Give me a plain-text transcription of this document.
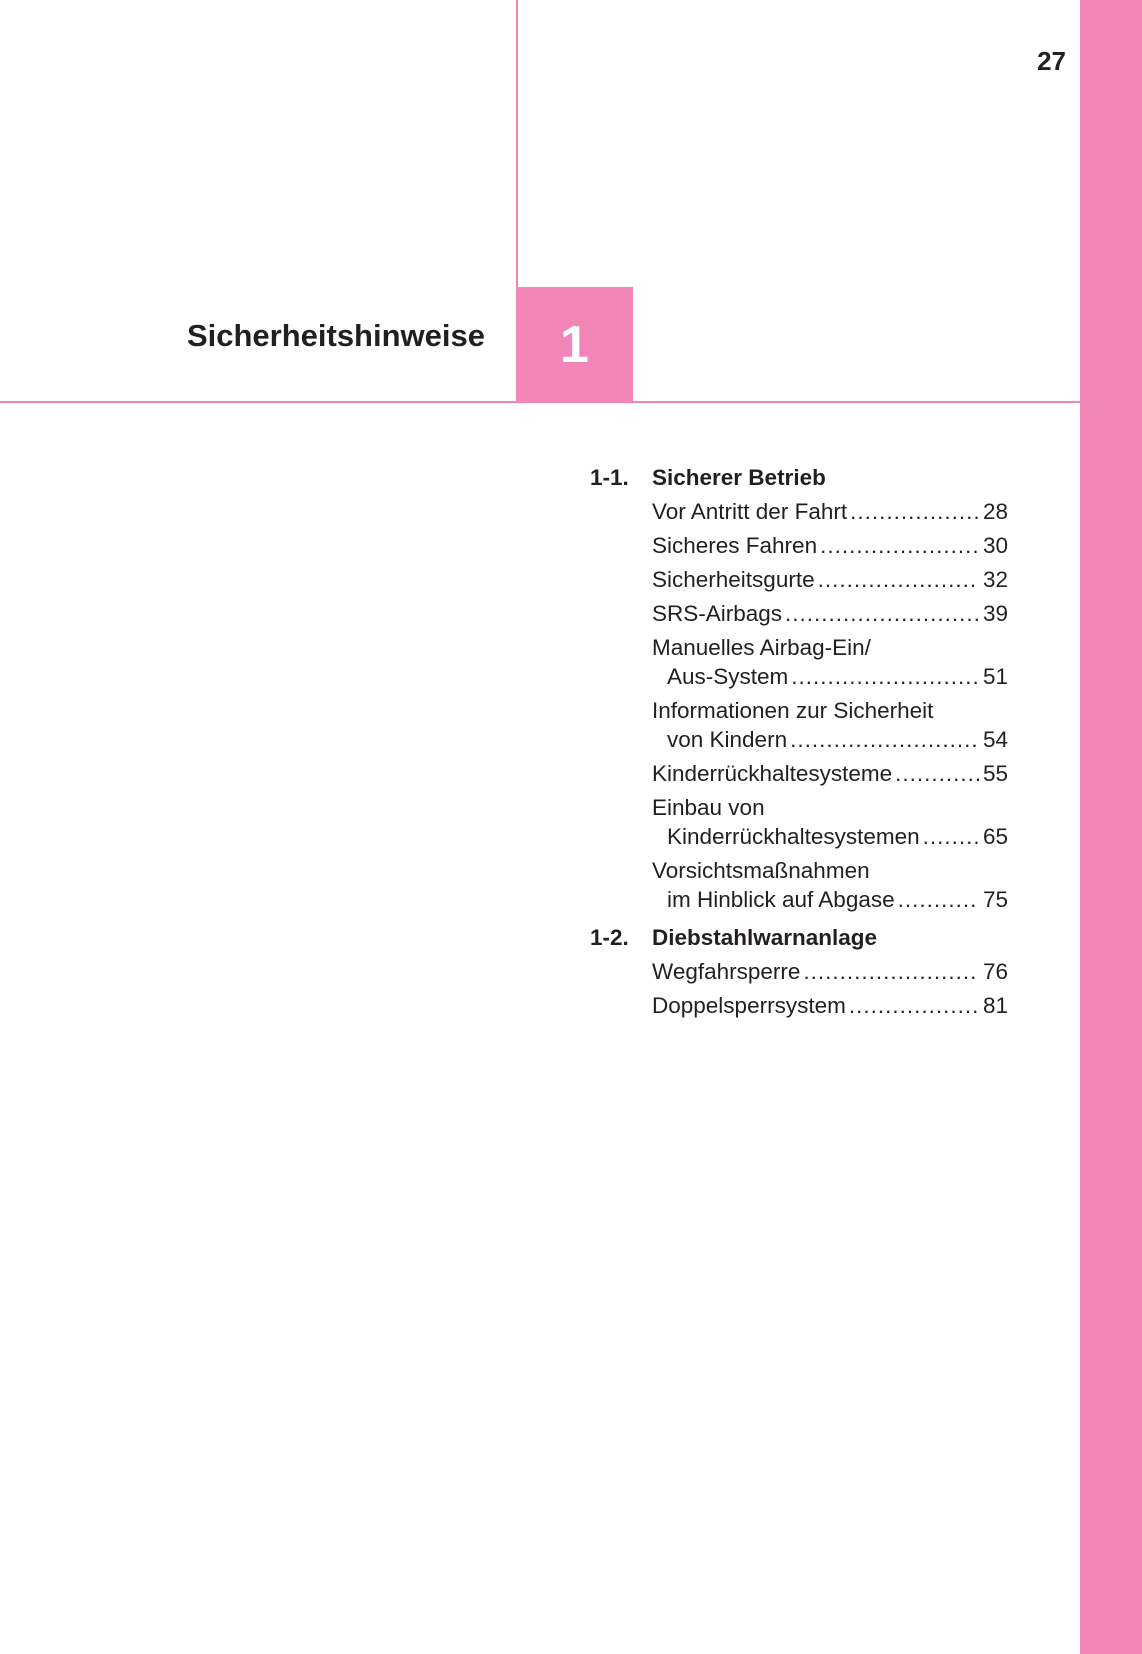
27
Sicherheitshinweise 1
1-1. Sicherer Betrieb
Vor Antritt der Fahrt .....	28
Sicheres Fahren .....	30
Sicherheitsgurte .....	32
SRS-Airbags .....	39
Manuelles Airbag-Ein/
Aus-System .....	51
Informationen zur Sicherheit
von Kindern .....	54
Kinderrückhaltesysteme .....	55
Einbau von
Kinderrückhaltesystemen .....	65
Vorsichtsmaßnahmen
im Hinblick auf Abgase .....	75
1-2. Diebstahlwarnanlage
Wegfahrsperre .....	76
Doppelsperrsystem .....	81
